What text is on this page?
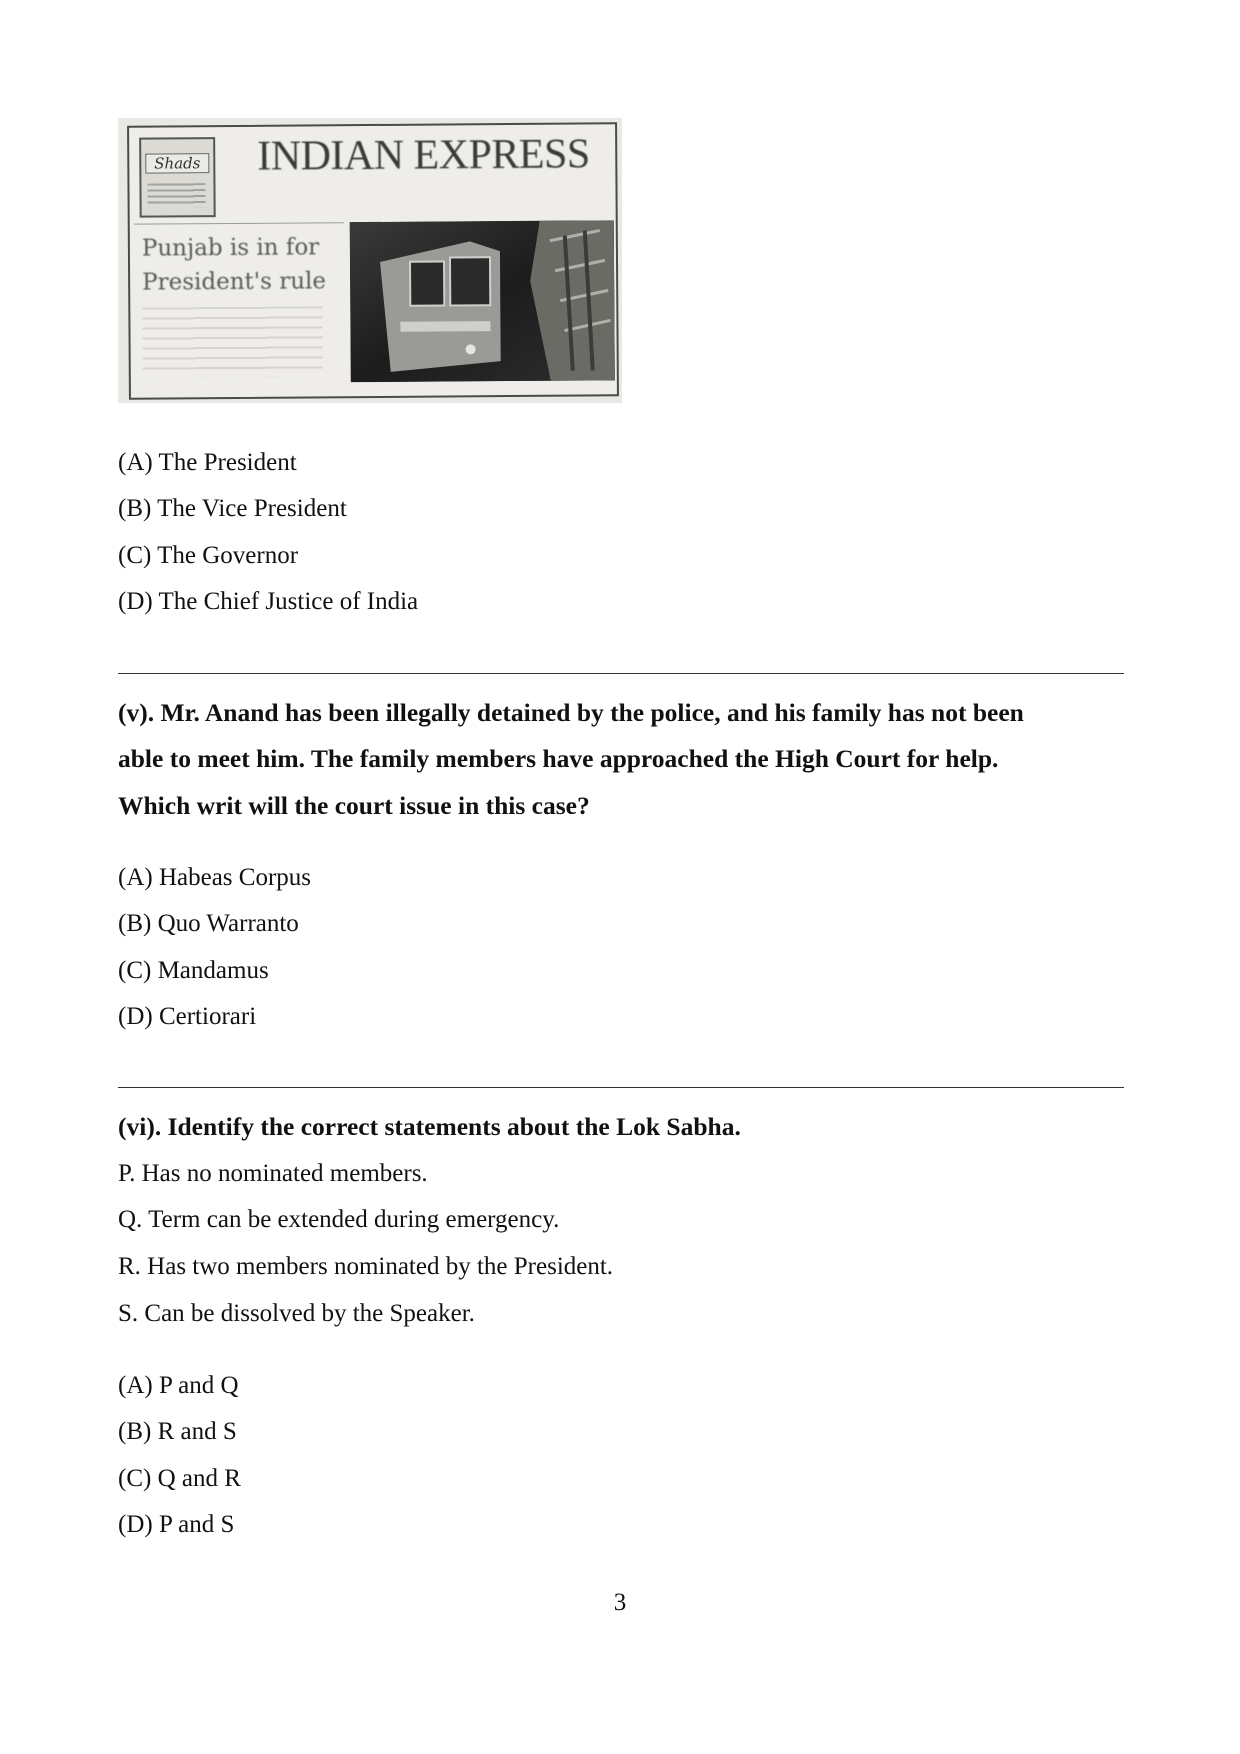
Shads INDIAN EXPRESS
Punjab is in for
President's rule
(A) The President
(B) The Vice President
(C) The Governor
(D) The Chief Justice of India
(v). Mr. Anand has been illegally detained by the police, and his family has not been
able to meet him. The family members have approached the High Court for help.
Which writ will the court issue in this case?
(A) Habeas Corpus
(B) Quo Warranto
(C) Mandamus
(D) Certiorari
(vi). Identify the correct statements about the Lok Sabha.
P. Has no nominated members.
Q. Term can be extended during emergency.
R. Has two members nominated by the President.
S. Can be dissolved by the Speaker.
(A) P and Q
(B) R and S
(C) Q and R
(D) P and S
3
